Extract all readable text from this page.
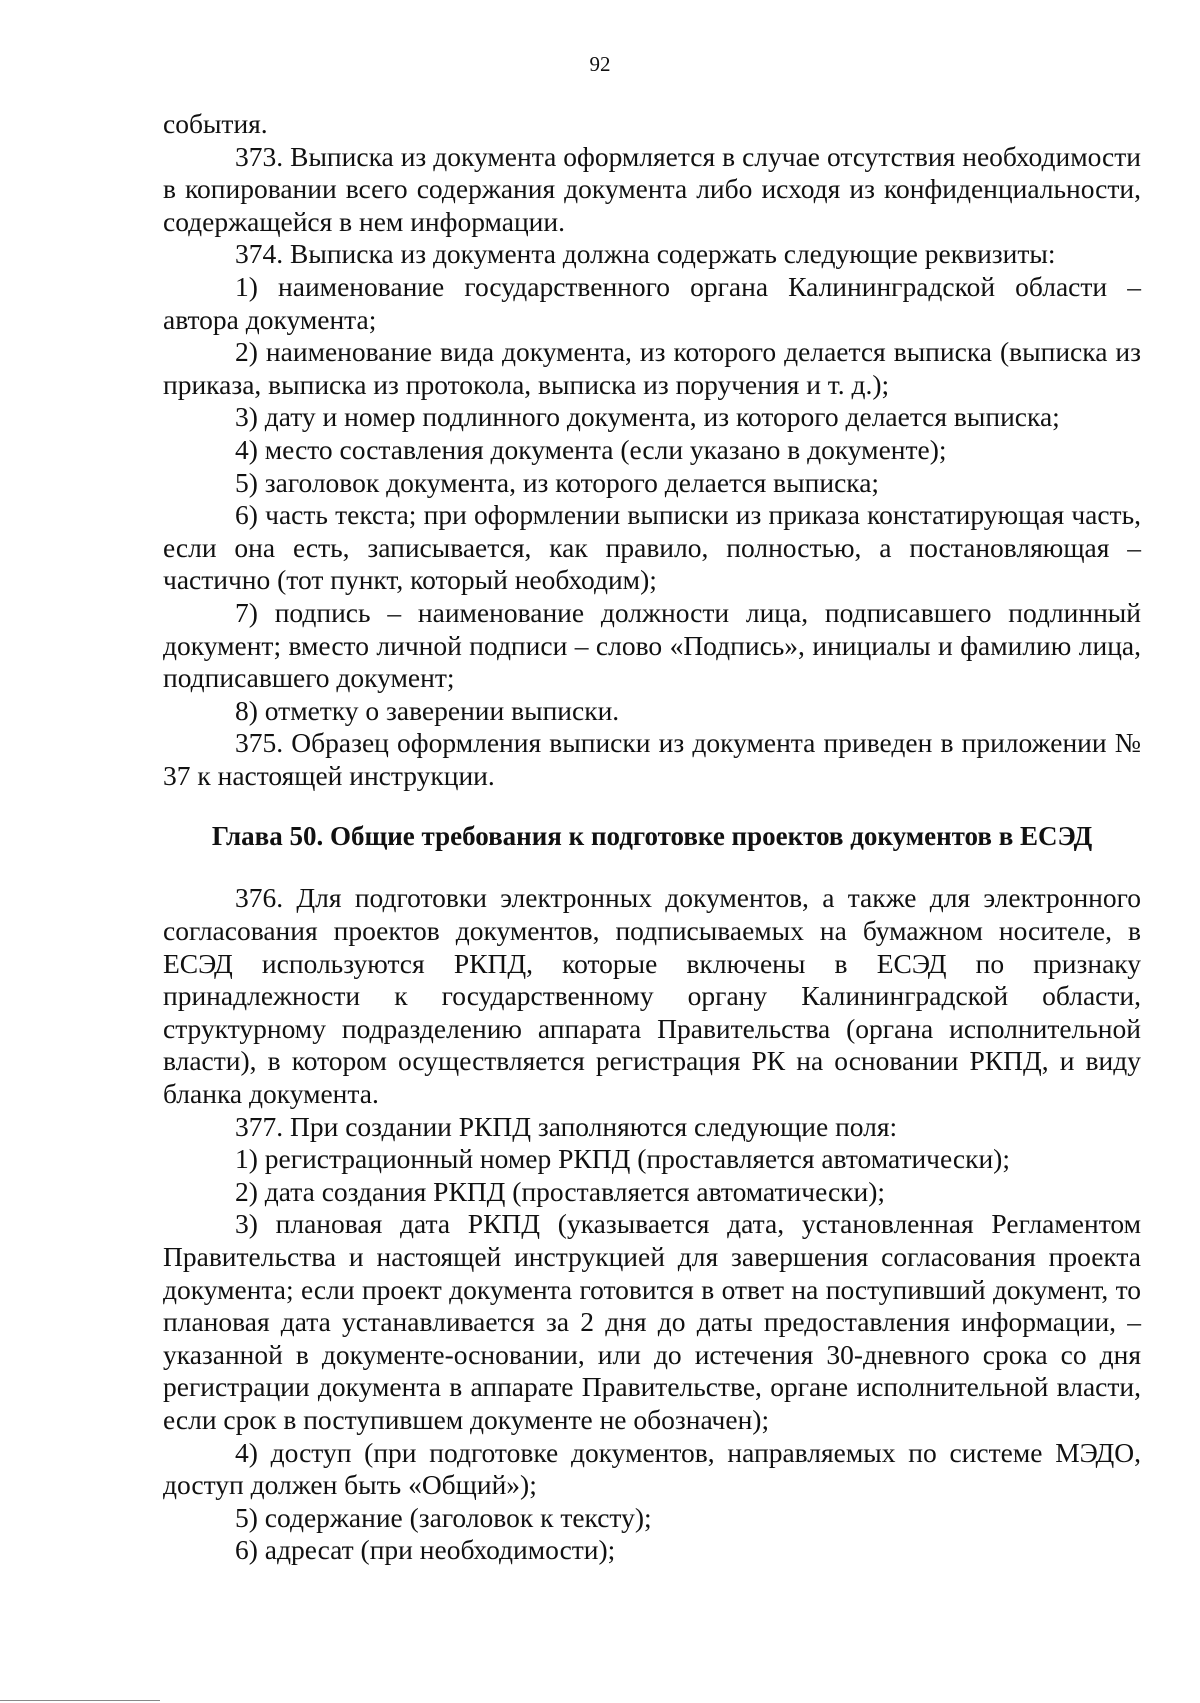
92

события.

373. Выписка из документа оформляется в случае отсутствия необходимости в копировании всего содержания документа либо исходя из конфиденциальности, содержащейся в нем информации.

374. Выписка из документа должна содержать следующие реквизиты:

1) наименование государственного органа Калининградской области – автора документа;

2) наименование вида документа, из которого делается выписка (выписка из приказа, выписка из протокола, выписка из поручения и т. д.);

3) дату и номер подлинного документа, из которого делается выписка;

4) место составления документа (если указано в документе);

5) заголовок документа, из которого делается выписка;

6) часть текста; при оформлении выписки из приказа констатирующая часть, если она есть, записывается, как правило, полностью, а постановляющая – частично (тот пункт, который необходим);

7) подпись – наименование должности лица, подписавшего подлинный документ; вместо личной подписи – слово «Подпись», инициалы и фамилию лица, подписавшего документ;

8) отметку о заверении выписки.

375. Образец оформления выписки из документа приведен в приложении № 37 к настоящей инструкции.

Глава 50. Общие требования к подготовке проектов документов в ЕСЭД

376. Для подготовки электронных документов, а также для электронного согласования проектов документов, подписываемых на бумажном носителе, в ЕСЭД используются РКПД, которые включены в ЕСЭД по признаку принадлежности к государственному органу Калининградской области, структурному подразделению аппарата Правительства (органа исполнительной власти), в котором осуществляется регистрация РК на основании РКПД, и виду бланка документа.

377. При создании РКПД заполняются следующие поля:

1) регистрационный номер РКПД (проставляется автоматически);

2) дата создания РКПД (проставляется автоматически);

3) плановая дата РКПД (указывается дата, установленная Регламентом Правительства и настоящей инструкцией для завершения согласования проекта документа; если проект документа готовится в ответ на поступивший документ, то плановая дата устанавливается за 2 дня до даты предоставления информации, – указанной в документе-основании, или до истечения 30-дневного срока со дня регистрации документа в аппарате Правительстве, органе исполнительной власти, если срок в поступившем документе не обозначен);

4) доступ (при подготовке документов, направляемых по системе МЭДО, доступ должен быть «Общий»);

5) содержание (заголовок к тексту);

6) адресат (при необходимости);
